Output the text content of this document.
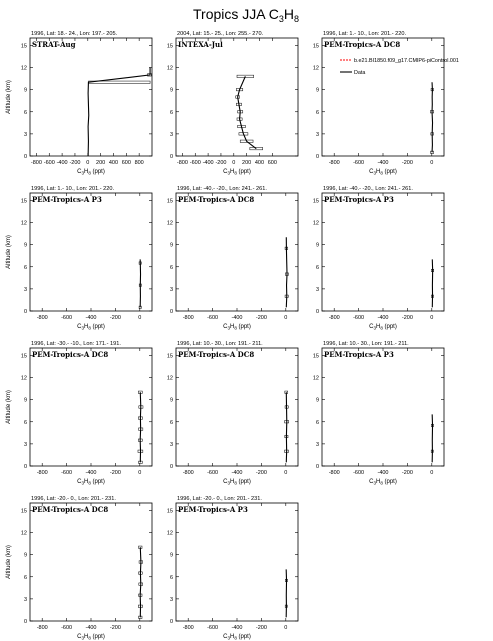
Tropics JJA $C_3H_8$
1996, Lat: 18.- 24., Lon: 197.- 205.
STRAT-Aug
0
3
6
9
12
15
-800 -600 -400 -200 0 200 400 600 800
$C_3H_8$ (ppt)
Altitude (km)
2004, Lat: 15.- 25., Lon: 255.- 270.
INTEXA-Jul
0
3
6
9
12
15
-800 -600 -400 -200 0 200 400 600
$C_3H_8$ (ppt)
1996, Lat: 1.- 10., Lon: 201.- 220.
PEM-Tropics-A DC8
0
3
6
9
12
15
-800 -600 -400 -200	0
$C_3H_8$ (ppt)
b.e21.BI1850.f09_g17.CMIP6-piControl.001
Data
1996, Lat: 1.- 10., Lon: 201.- 220.
PEM-Tropics-A P3
0
3
6
9
12
15
-800 -600 -400 -200	0
$C_3H_8$ (ppt)
Altitude (km)
1996, Lat: -40.- -20., Lon: 241.- 261.
PEM-Tropics-A DC8
0
3
6
9
12
15
-800 -600 -400 -200	0
$C_3H_8$ (ppt)
1996, Lat: -40.- -20., Lon: 241.- 261.
PEM-Tropics-A P3
0
3
6
9
12
15
-800 -600 -400 -200	0
$C_3H_8$ (ppt)
1996, Lat: -30.- -10., Lon: 171.- 191.
PEM-Tropics-A DC8
0
3
6
9
12
15
-800 -600 -400 -200	0
$C_3H_8$ (ppt)
Altitude (km)
1996, Lat: 10.- 30., Lon: 191.- 211.
PEM-Tropics-A DC8
0
3
6
9
12
15
-800 -600 -400 -200	0
$C_3H_8$ (ppt)
1996, Lat: 10.- 30., Lon: 191.- 211.
PEM-Tropics-A P3
0
3
6
9
12
15
-800 -600 -400 -200	0
$C_3H_8$ (ppt)
1996, Lat: -20.- 0., Lon: 201.- 231.
PEM-Tropics-A DC8
0
3
6
9
12
15
-800 -600 -400 -200	0
$C_3H_8$ (ppt)
Altitude (km)
1996, Lat: -20.- 0., Lon: 201.- 231.
PEM-Tropics-A P3
0
3
6
9
12
15
-800 -600 -400 -200	0
$C_3H_8$ (ppt)
